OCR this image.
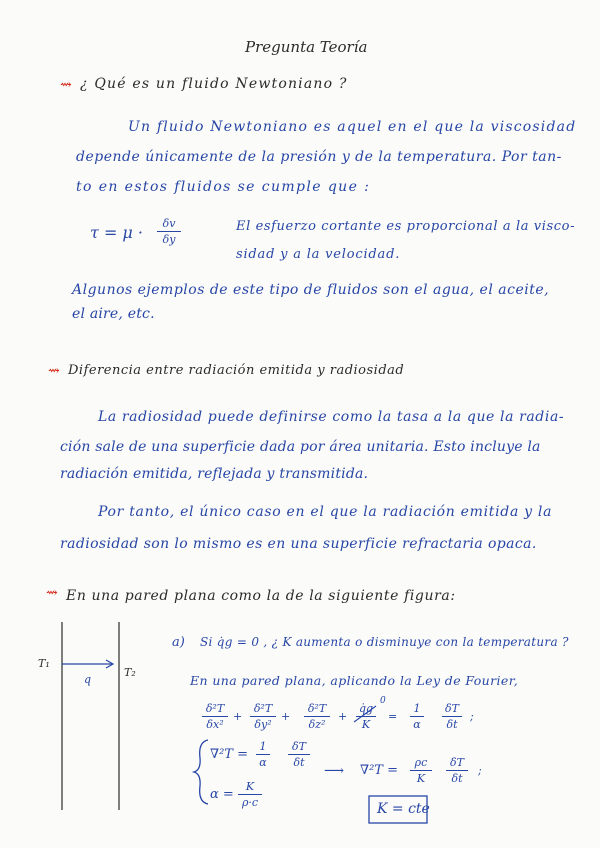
Pregunta Teoría
⇝ ¿ Qué es un fluido Newtoniano ?
Un fluido Newtoniano es aquel en el que la viscosidad
depende únicamente de la presión y de la temperatura. Por tan-
to en estos fluidos se cumple que :
τ = μ ·	δv
δy
El esfuerzo cortante es proporcional a la visco-
sidad y a la velocidad.
Algunos ejemplos de este tipo de fluidos son el agua, el aceite,
el aire, etc.
⇝ Diferencia entre radiación emitida y radiosidad
La radiosidad puede definirse como la tasa a la que la radia-
ción sale de una superficie dada por área unitaria. Esto incluye la
radiación emitida, reflejada y transmitida.
Por tanto, el único caso en el que la radiación emitida y la
radiosidad son lo mismo es en una superficie refractaria opaca.
⇝ En una pared plana como la de la siguiente figura:
T₁
T₂
q
a) Si q̇g = 0 , ¿ K aumenta o disminuye con la temperatura ?
En una pared plana, aplicando la Ley de Fourier,
δ²T
δx²
+
δ²T
δy²
+
δ²T
δz²
+
q̇g
K
0
=
1
α
δT
δt
;
∇²T =
1
α
δT
δt
α =
K
ρ·c
⟶ ∇²T =
ρc
K
δT
δt
;
K = cte
